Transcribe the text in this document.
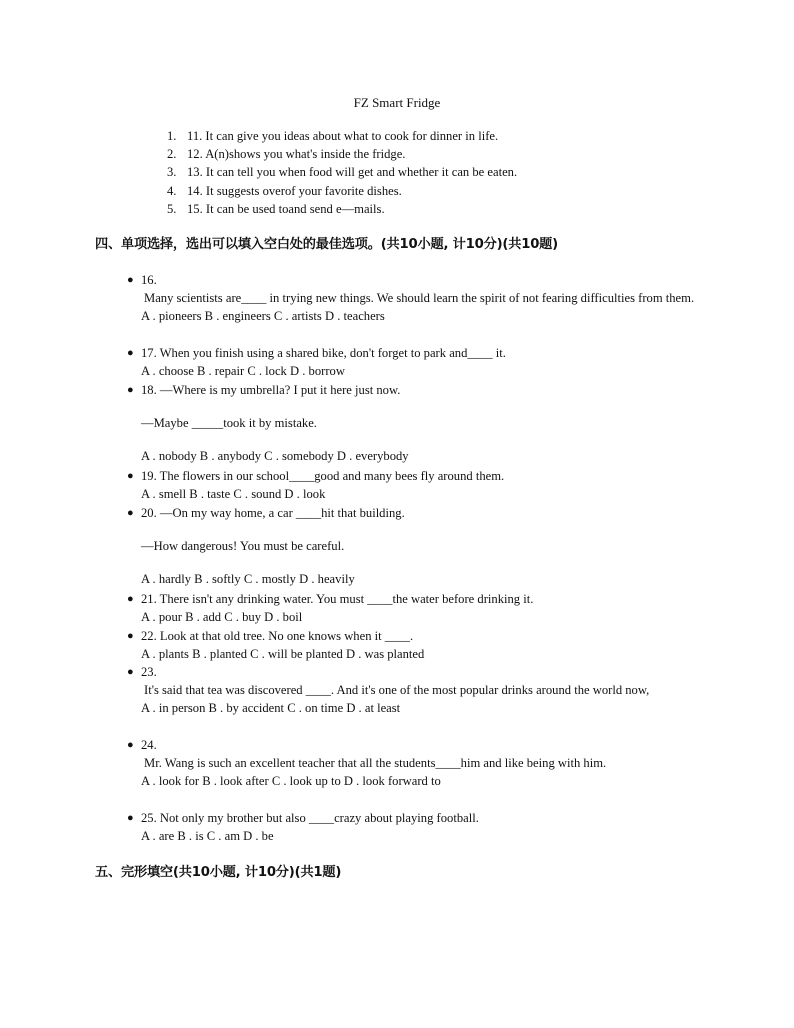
FZ Smart Fridge
1. 11. It can give you ideas about what to cook for dinner in life.
2. 12. A(n)shows you what's inside the fridge.
3. 13. It can tell you when food will get and whether it can be eaten.
4. 14. It suggests overof your favorite dishes.
5. 15. It can be used toand send e—mails.
四、单项选择，选出可以填入空白处的最佳选项。(共10小题, 计10分)(共10题)
● 16.
Many scientists are____ in trying new things. We should learn the spirit of not fearing difficulties from them.
A . pioneers B . engineers C . artists D . teachers
● 17. When you finish using a shared bike, don't forget to park and____ it.
A . choose B . repair C . lock D . borrow
● 18. —Where is my umbrella? I put it here just now.
—Maybe _____took it by mistake.
A . nobody B . anybody C . somebody D . everybody
● 19. The flowers in our school____good and many bees fly around them.
A . smell B . taste C . sound D . look
● 20. —On my way home, a car ____hit that building.
—How dangerous! You must be careful.
A . hardly B . softly C . mostly D . heavily
● 21. There isn't any drinking water. You must ____the water before drinking it.
A . pour B . add C . buy D . boil
● 22. Look at that old tree. No one knows when it ____.
A . plants B . planted C . will be planted D . was planted
● 23.
It's said that tea was discovered ____. And it's one of the most popular drinks around the world now,
A . in person B . by accident C . on time D . at least
● 24.
Mr. Wang is such an excellent teacher that all the students____him and like being with him.
A . look for B . look after C . look up to D . look forward to
● 25. Not only my brother but also ____crazy about playing football.
A . are B . is C . am D . be
五、完形填空(共10小题, 计10分)(共1题)
